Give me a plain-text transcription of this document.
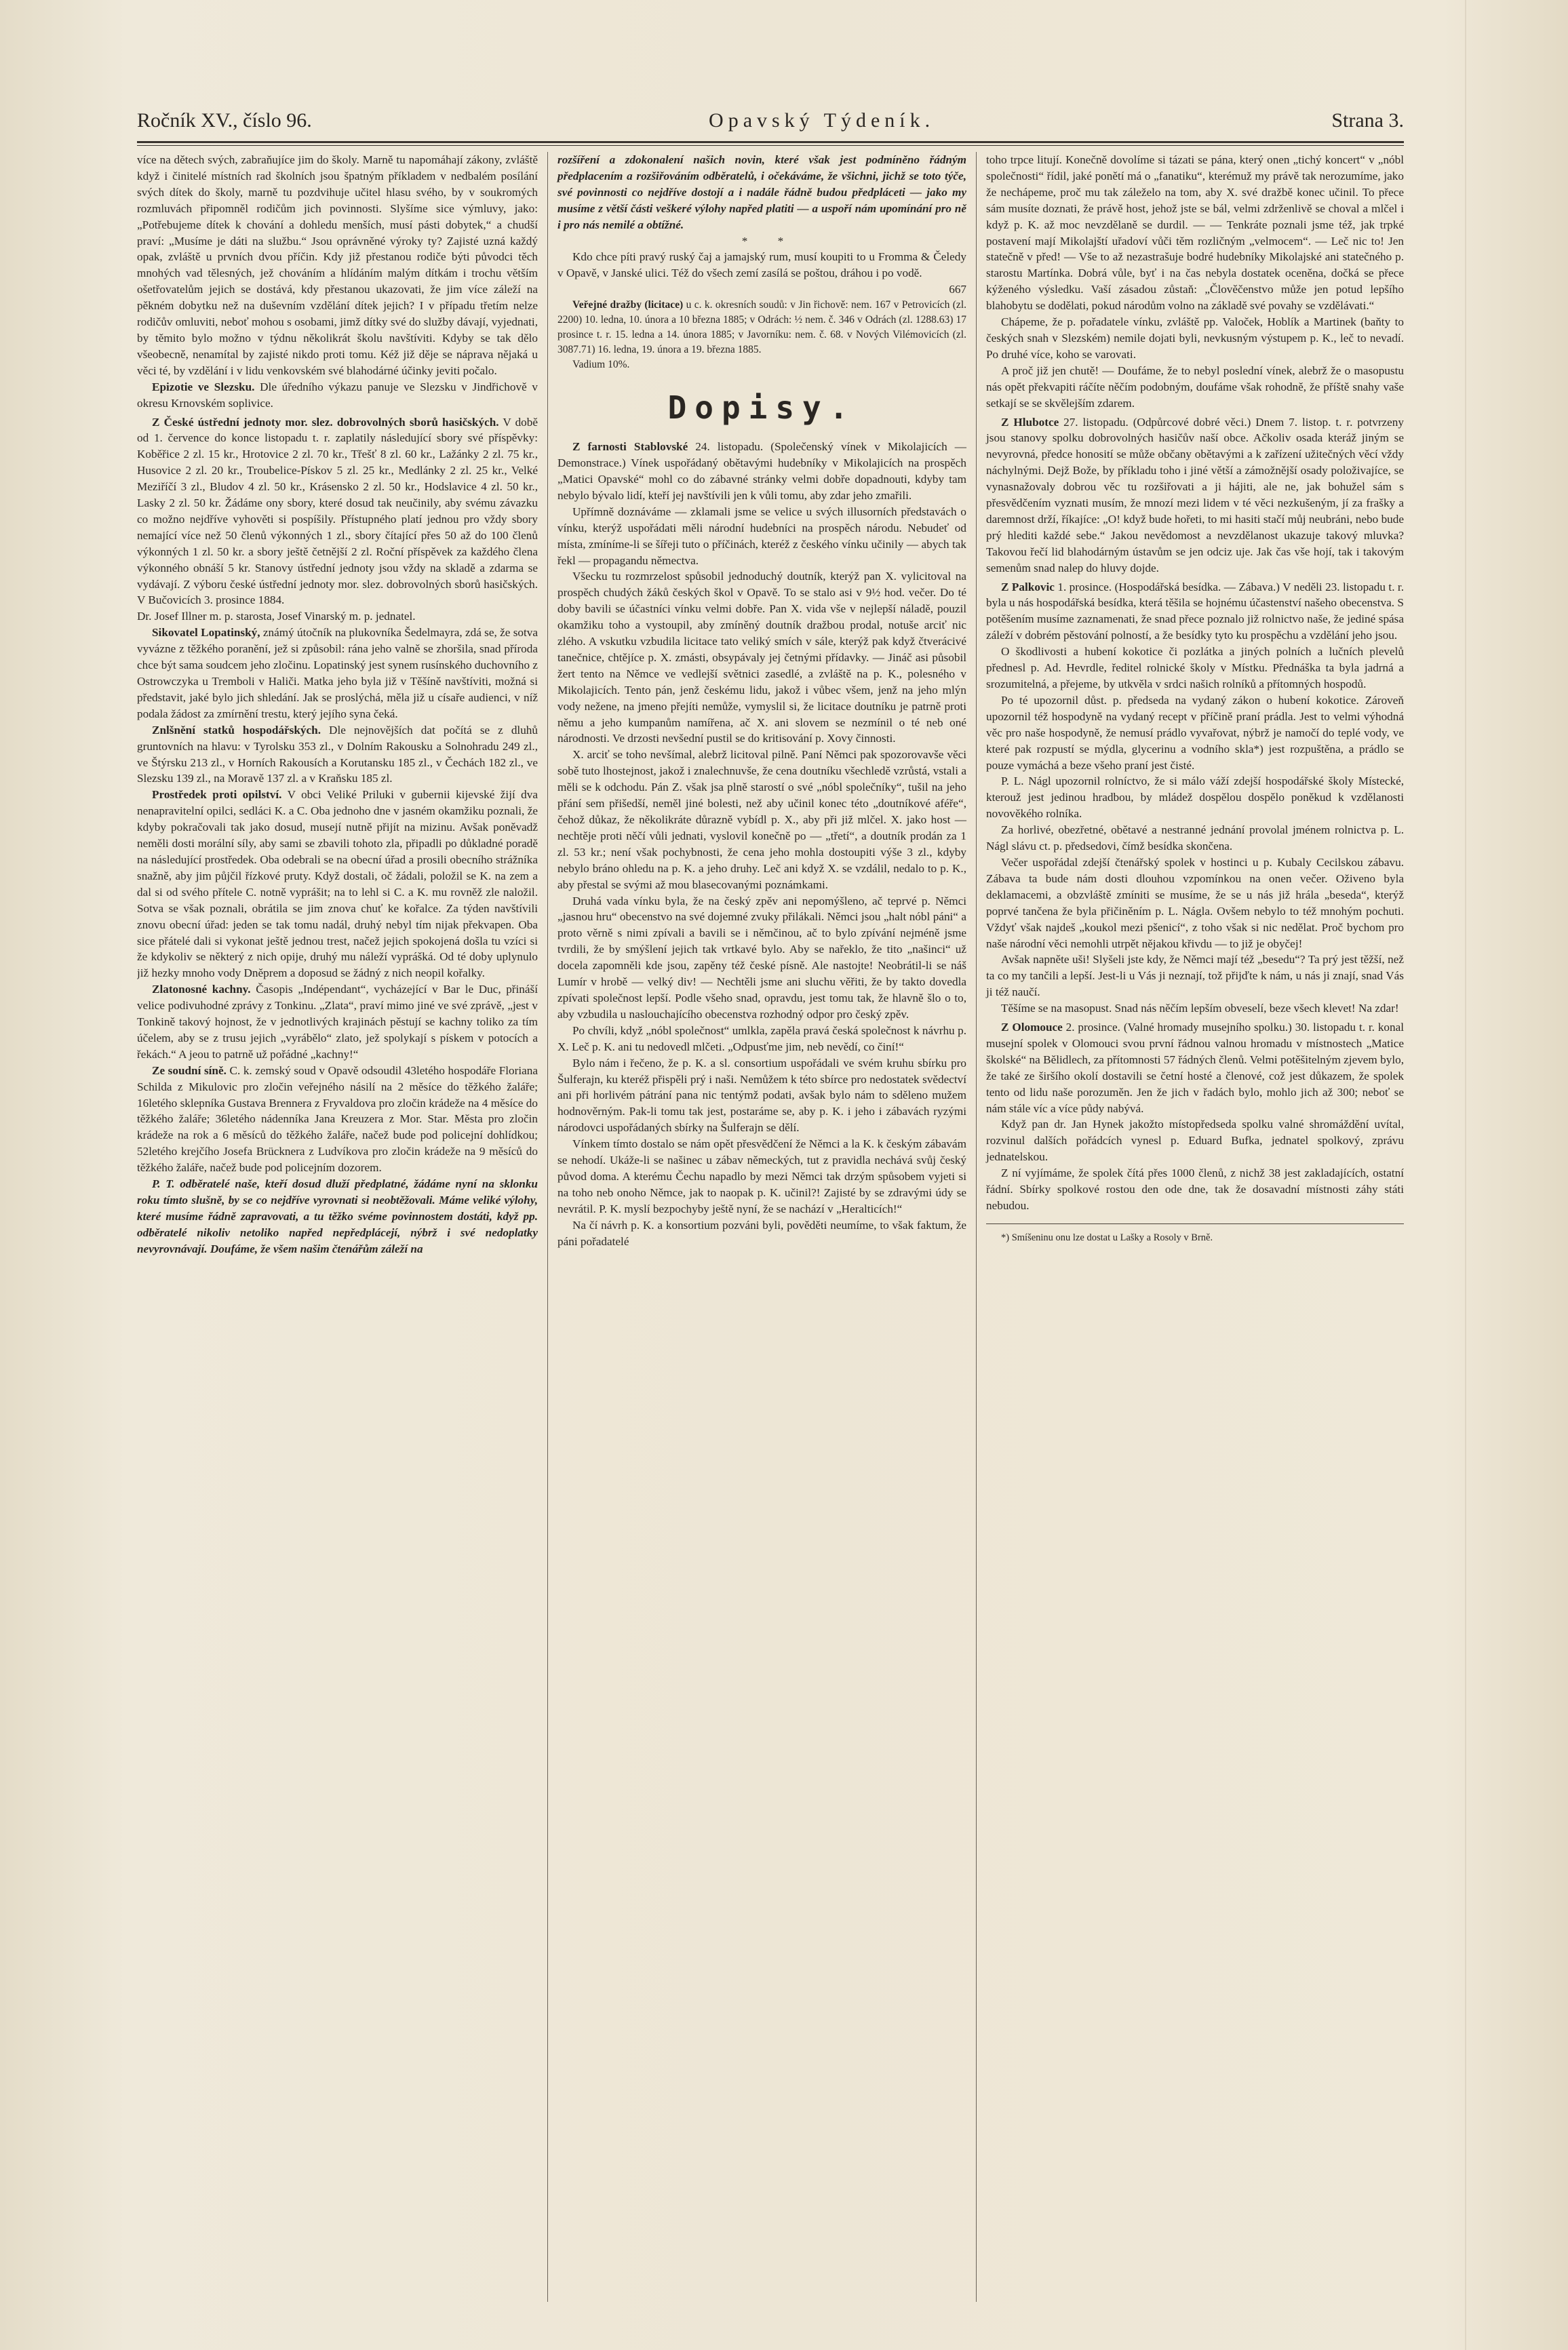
Ročník XV., číslo 96.	Opavský Týdeník.	Strana 3.

více na dětech svých, zabraňujíce jim do školy. Marně tu napomáhají zákony, zvláště když i činitelé místních rad školních jsou špatným příkladem v nedbalém posílání svých dítek do školy, marně tu pozdvihuje učitel hlasu svého, by v soukromých rozmluvách připomněl rodičům jich povinnosti. Slyšíme sice výmluvy, jako: „Potřebujeme dítek k chování a dohledu menších, musí pásti dobytek,“ a chudší praví: „Musíme je dáti na službu.“ Jsou oprávněné výroky ty? Zajisté uzná každý opak, zvláště u prvních dvou příčin. Kdy již přestanou rodiče býti původci těch mnohých vad tělesných, jež chováním a hlídáním malým dítkám i trochu větším ošetřovatelům jejich se dostává, kdy přestanou ukazovati, že jim více záleží na pěkném dobytku než na duševním vzdělání dítek jejich? I v případu třetím nelze rodičův omluviti, neboť mohou s osobami, jimž dítky své do služby dávají, vyjednati, by těmito bylo možno v týdnu několikrát školu navštíviti. Kdyby se tak dělo všeobecně, nenamítal by zajisté nikdo proti tomu. Kéž již děje se náprava nějaká u věci té, by vzdělání i v lidu venkovském své blahodárné účinky jeviti počalo.

Epizotie ve Slezsku. Dle úředního výkazu panuje ve Slezsku v Jindřichově v okresu Krnovském soplivice.

Z České ústřední jednoty mor. slez. dobrovolných sborů hasičských. V době od 1. července do konce listopadu t. r. zaplatily následující sbory své příspěvky: Koběřice 2 zl. 15 kr., Hrotovice 2 zl. 70 kr., Třešť 8 zl. 60 kr., Lažánky 2 zl. 75 kr., Husovice 2 zl. 20 kr., Troubelice-Pískov 5 zl. 25 kr., Medlánky 2 zl. 25 kr., Velké Meziříčí 3 zl., Bludov 4 zl. 50 kr., Krásensko 2 zl. 50 kr., Hodslavice 4 zl. 50 kr., Lasky 2 zl. 50 kr. Žádáme ony sbory, které dosud tak neučinily, aby svému závazku co možno nejdříve vyhověti si pospíšily. Přístupného platí jednou pro vždy sbory nemající více než 50 členů výkonných 1 zl., sbory čítající přes 50 až do 100 členů výkonných 1 zl. 50 kr. a sbory ještě četnější 2 zl. Roční příspěvek za každého člena výkonného obnáší 5 kr. Stanovy ústřední jednoty jsou vždy na skladě a zdarma se vydávají. Z výboru české ústřední jednoty mor. slez. dobrovolných sborů hasičských. V Bučovicích 3. prosince 1884.

Dr. Josef Illner m. p. starosta, Josef Vinarský m. p. jednatel.

Sikovatel Lopatinský, známý útočník na plukovníka Šedelmayra, zdá se, že sotva vyvázne z těžkého poranění, jež si způsobil: rána jeho valně se zhoršila, snad příroda chce být sama soudcem jeho zločinu. Lopatinský jest synem rusínského duchovního z Ostrowczyka u Tremboli v Haliči. Matka jeho byla již v Těšíně navštíviti, možná si představit, jaké bylo jich shledání. Jak se proslýchá, měla již u císaře audienci, v níž podala žádost za zmírnění trestu, který jejího syna čeká.

Znlšnění statků hospodářských. Dle nejnovějších dat počítá se z dluhů gruntovních na hlavu: v Tyrolsku 353 zl., v Dolním Rakousku a Solnohradu 249 zl., ve Štýrsku 213 zl., v Horních Rakousích a Korutansku 185 zl., v Čechách 182 zl., ve Slezsku 139 zl., na Moravě 137 zl. a v Kraňsku 185 zl.

Prostředek proti opilství. V obci Veliké Priluki v gubernii kijevské žijí dva nenapravitelní opilci, sedláci K. a C. Oba jednoho dne v jasném okamžiku poznali, že kdyby pokračovali tak jako dosud, musejí nutně přijít na mizinu. Avšak poněvadž neměli dosti morální síly, aby sami se zbavili tohoto zla, připadli po důkladné poradě na následující prostředek. Oba odebrali se na obecní úřad a prosili obecního strážníka snažně, aby jim půjčil řízkové pruty. Když dostali, oč žádali, položil se K. na zem a dal si od svého přítele C. notně vyprášit; na to lehl si C. a K. mu rovněž zle naložil. Sotva se však poznali, obrátila se jim znova chuť ke kořalce. Za týden navštívili znovu obecní úřad: jeden se tak tomu nadál, druhý nebyl tím nijak překvapen. Oba sice přátelé dali si vykonat ještě jednou trest, načež jejich spokojená došla tu vzíci si že kdykoliv se některý z nich opije, druhý mu náleží vyprášká. Od té doby uplynulo již hezky mnoho vody Dněprem a doposud se žádný z nich neopil kořalky.

Zlatonosné kachny. Časopis „Indépendant“, vycházející v Bar le Duc, přináší velice podivuhodné zprávy z Tonkinu. „Zlata“, praví mimo jiné ve své zprávě, „jest v Tonkině takový hojnost, že v jednotlivých krajinách pěstují se kachny toliko za tím účelem, aby se z trusu jejich „vyrábělo“ zlato, jež spolykají s pískem v potocích a řekách.“ A jeou to patrně už pořádné „kachny!“

Ze soudní síně. C. k. zemský soud v Opavě odsoudil 43letého hospodáře Floriana Schilda z Mikulovic pro zločin veřejného násilí na 2 měsíce do těžkého žaláře; 16letého sklepníka Gustava Brennera z Fryvaldova pro zločin krádeže na 4 měsíce do těžkého žaláře; 36letého nádenníka Jana Kreuzera z Mor. Star. Města pro zločin krádeže na rok a 6 měsíců do těžkého žaláře, načež bude pod policejní dohlídkou; 52letého krejčího Josefa Brücknera z Ludvíkova pro zločin krádeže na 9 měsíců do těžkého žaláře, načež bude pod policejním dozorem.

P. T. odběratelé naše, kteří dosud dluží předplatné, žádáme nyní na sklonku roku tímto slušně, by se co nejdříve vyrovnati si neobtěžovali. Máme veliké výlohy, které musíme řádně zapravovati, a tu těžko svéme povinnostem dostáti, když pp. odběratelé nikoliv netoliko napřed nepředplácejí, nýbrž i své nedoplatky nevyrovnávají. Doufáme, že všem našim čtenářům záleží na

rozšíření a zdokonalení našich novin, které však jest podmíněno řádným předplacením a rozšiřováním odběratelů, i očekáváme, že všichni, jichž se toto týče, své povinnosti co nejdříve dostojí a i nadále řádně budou předpláceti — jako my musíme z větší části veškeré výlohy napřed platiti — a uspoří nám upomínání pro ně i pro nás nemilé a obtížné.

* *

Kdo chce píti pravý ruský čaj a jamajský rum, musí koupiti to u Fromma & Čeledy v Opavě, v Janské ulici. Též do všech zemí zasílá se poštou, dráhou i po vodě.

667

Veřejné dražby (licitace) u c. k. okresních soudů: v Jin řichově: nem. 167 v Petrovicích (zl. 2200) 10. ledna, 10. února a 10 března 1885; v Odrách: ½ nem. č. 346 v Odrách (zl. 1288.63) 17 prosince t. r. 15. ledna a 14. února 1885; v Javorníku: nem. č. 68. v Nových Vilémovicích (zl. 3087.71) 16. ledna, 19. února a 19. března 1885.

Vadium 10%.

Dopisy.

Z farnosti Stablovské 24. listopadu. (Společenský vínek v Mikolajicích — Demonstrace.) Vínek uspořádaný obětavými hudebníky v Mikolajicích na prospěch „Matici Opavské“ mohl co do zábavné stránky velmi dobře dopadnouti, kdyby tam nebylo bývalo lidí, kteří jej navštívili jen k vůli tomu, aby zdar jeho zmařili.

Upřímně doznáváme — zklamali jsme se velice u svých illusorních představách o vínku, kterýž uspořádati měli národní hudebníci na prospěch národu. Nebudeť od místa, zmíníme-li se šířeji tuto o příčinách, kteréž z českého vínku učinily — abych tak řekl — propagandu němectva.

Všecku tu rozmrzelost spůsobil jednoduchý doutník, kterýž pan X. vylicitoval na prospěch chudých žáků českých škol v Opavě. To se stalo asi v 9½ hod. večer. Do té doby bavili se účastníci vínku velmi dobře. Pan X. vida vše v nejlepší náladě, pouzil okamžiku toho a vystoupil, aby zmíněný doutník dražbou prodal, notuše arciť nic zlého. A vskutku vzbudila licitace tato veliký smích v sále, kterýž pak když čtverácivé tanečnice, chtějíce p. X. zmásti, obsypávaly jej četnými přídavky. — Jináč asi působil žert tento na Němce ve vedlejší světnici zasedlé, a zvláště na p. K., polesného v Mikolajicích. Tento pán, jenž českému lidu, jakož i vůbec všem, jenž na jeho mlýn vody nežene, na jmeno přejíti nemůže, vymyslil si, že licitace doutníku je patrně proti němu a jeho kumpanům namířena, ač X. ani slovem se nezmínil o té neb oné národnosti. Ve drzosti nevšední pustil se do kritisování p. Xovy činnosti.

X. arciť se toho nevšímal, alebrž licitoval pilně. Paní Němci pak spozorovavše věci sobě tuto lhostejnost, jakož i znalechnuvše, že cena doutníku všechledě vzrůstá, vstali a měli se k odchodu. Pán Z. však jsa plně starostí o své „nóbl společníky“, tušil na jeho přání sem přišedší, neměl jiné bolesti, než aby učinil konec této „doutníkové aféře“, čehož důkaz, že několikráte důrazně vybídl p. X., aby při již mlčel. X. jako host — nechtěje proti něčí vůli jednati, vyslovil konečně po — „třetí“, a doutník prodán za 1 zl. 53 kr.; není však pochybnosti, že cena jeho mohla dostoupiti výše 3 zl., kdyby nebylo bráno ohledu na p. K. a jeho druhy. Leč ani když X. se vzdálil, nedalo to p. K., aby přestal se svými až mou blasecovanými poznámkami.

Druhá vada vínku byla, že na český zpěv ani nepomýšleno, ač teprvé p. Němci „jasnou hru“ obecenstvo na své dojemné zvuky přilákali. Němci jsou „halt nóbl páni“ a proto věrně s nimi zpívali a bavili se i němčinou, ač to bylo zpívání nejméně jsme tvrdili, že by smýšlení jejich tak vrtkavé bylo. Aby se nařeklo, že tito „našinci“ už docela zapomněli kde jsou, zapěny též české písně. Ale nastojte! Neobrátil-li se náš Lumír v hrobě — velký div! — Nechtěli jsme ani sluchu věřiti, že by takto dovedla zpívati společnost lepší. Podle všeho snad, opravdu, jest tomu tak, že hlavně šlo o to, aby vzbudila u naslouchajícího obecenstva rozhodný odpor pro český zpěv.

Po chvíli, když „nóbl společnost“ umlkla, zapěla pravá česká společnost k návrhu p. X. Leč p. K. ani tu nedovedl mlčeti. „Odpusťme jim, neb nevědí, co činí!“

Bylo nám i řečeno, že p. K. a sl. consortium uspořádali ve svém kruhu sbírku pro Šulferajn, ku kteréž přispěli prý i naši. Nemůžem k této sbírce pro nedostatek svědectví ani při horlivém pátrání pana nic tentýmž podati, avšak bylo nám to sděleno mužem hodnověrným. Pak-li tomu tak jest, postaráme se, aby p. K. i jeho i zábavách ryzými národovci uspořádaných sbírky na Šulferajn se dělí.

Vínkem tímto dostalo se nám opět přesvědčení že Němci a la K. k českým zábavám se nehodí. Ukáže-li se našinec u zábav německých, tut z pravidla nechává svůj český původ doma. A kterému Čechu napadlo by mezi Němci tak drzým spůsobem vyjeti si na toho neb onoho Němce, jak to naopak p. K. učinil?! Zajisté by se zdravými údy se nevrátil. P. K. myslí bezpochyby ještě nyní, že se nachází v „Heralticích!“

Na čí návrh p. K. a konsortium pozváni byli, pověděti neumíme, to však faktum, že páni pořadatelé

toho trpce litují. Konečně dovolíme si tázati se pána, který onen „tichý koncert“ v „nóbl společnosti“ řídil, jaké ponětí má o „fanatiku“, kterémuž my právě tak nerozumíme, jako že nechápeme, proč mu tak záleželo na tom, aby X. své dražbě konec učinil. To přece sám musíte doznati, že právě host, jehož jste se bál, velmi zdrženlivě se choval a mlčel i když p. K. až moc nevzdělaně se durdil. — — Tenkráte poznali jsme též, jak trpké postavení mají Mikolajští uřadoví vůči těm rozličným „velmocem“. — Leč nic to! Jen statečně v před! — Vše to až nezastrašuje bodré hudebníky Mikolajské ani statečného p. starostu Martínka. Dobrá vůle, byť i na čas nebyla dostatek oceněna, dočká se přece kýženého výsledku. Vaší zásadou zůstaň: „Člověčenstvo může jen potud lepšího blahobytu se dodělati, pokud národům volno na základě své povahy se vzdělávati.“

Chápeme, že p. pořadatele vínku, zvláště pp. Valoček, Hoblík a Martinek (baňty to českých snah v Slezském) nemile dojati byli, nevkusným výstupem p. K., leč to nevadí. Po druhé více, koho se varovati.

A proč již jen chutě! — Doufáme, že to nebyl poslední vínek, alebrž že o masopustu nás opět překvapiti ráčíte něčím podobným, doufáme však rohodně, že příště snahy vaše setkají se se skvělejším zdarem.

Z Hlubotce 27. listopadu. (Odpůrcové dobré věci.) Dnem 7. listop. t. r. potvrzeny jsou stanovy spolku dobrovolných hasičův naší obce. Ačkoliv osada kteráž jiným se nevyrovná, předce honosití se může občany obětavými a k zařízení užitečných věcí vždy náchylnými. Dejž Bože, by příkladu toho i jiné větší a zámožnější osady položivajíce, se vynasnažovaly dobrou věc tu rozšiřovati a ji hájiti, ale ne, jak bohužel sám s přesvědčením vyznati musím, že mnozí mezi lidem v té věci nezkušeným, jí za frašky a daremnost drží, říkajíce: „O! když bude hořeti, to mi hasiti stačí můj neubráni, nebo bude prý hlediti každé sebe.“ Jakou nevědomost a nevzdělanost ukazuje takový mluvka? Takovou řečí lid blahodárným ústavům se jen odciz uje. Jak čas vše hojí, tak i takovým semenům snad nalep do hluvy dojde.

Z Palkovic 1. prosince. (Hospodářská besídka. — Zábava.) V neděli 23. listopadu t. r. byla u nás hospodářská besídka, která těšila se hojnému účastenství našeho obecenstva. S potěšením musíme zaznamenati, že snad přece poznalo již rolnictvo naše, že jediné spása záleží v dobrém pěstování polností, a že besídky tyto ku prospěchu a vzdělání jeho jsou.

O škodlivosti a hubení kokotice či pozlátka a jiných polních a lučních plevelů přednesl p. Ad. Hevrdle, ředitel rolnické školy v Místku. Přednáška ta byla jadrná a srozumitelná, a přejeme, by utkvěla v srdci našich rolníků a přítomných hospodů.

Po té upozornil důst. p. předseda na vydaný zákon o hubení kokotice. Zároveň upozornil též hospodyně na vydaný recept v příčině praní prádla. Jest to velmi výhodná věc pro naše hospodyně, že nemusí prádlo vyvařovat, nýbrž je namočí do teplé vody, ve které pak rozpustí se mýdla, glycerinu a vodního skla*) jest rozpuštěna, a prádlo se pouze vymáchá a beze všeho praní jest čisté.

P. L. Nágl upozornil rolníctvo, že si málo váží zdejší hospodářské školy Místecké, kterouž jest jedinou hradbou, by mládež dospělou dospělo poněkud k vzdělanosti novověkého rolníka.

Za horlivé, obezřetné, obětavé a nestranné jednání provolal jménem rolnictva p. L. Nágl slávu ct. p. předsedovi, čímž besídka skončena.

Večer uspořádal zdejší čtenářský spolek v hostinci u p. Kubaly Cecilskou zábavu. Zábava ta bude nám dosti dlouhou vzpomínkou na onen večer. Oživeno byla deklamacemi, a obzvláště zmíniti se musíme, že se u nás již hrála „beseda“, kterýž poprvé tančena že byla přičiněním p. L. Nágla. Ovšem nebylo to též mnohým pochuti. Vždyť však najdeš „koukol mezi pšenicí“, z toho však si nic nedělat. Proč bychom pro naše národní věci nemohli utrpět nějakou křivdu — to již je obyčej!

Avšak napněte uši! Slyšeli jste kdy, že Němci mají též „besedu“? Ta prý jest těžší, než ta co my tančili a lepší. Jest-li u Vás ji neznají, tož přijďte k nám, u nás ji znají, snad Vás ji též naučí.

Těšíme se na masopust. Snad nás něčím lepším obveselí, beze všech klevet! Na zdar!

Z Olomouce 2. prosince. (Valné hromady musejního spolku.) 30. listopadu t. r. konal musejní spolek v Olomouci svou první řádnou valnou hromadu v místnostech „Matice školské“ na Bělidlech, za přítomnosti 57 řádných členů. Velmi potěšitelným zjevem bylo, že také ze širšího okolí dostavili se četní hosté a členové, což jest důkazem, že spolek tento od lidu naše porozuměn. Jen že jich v řadách bylo, mohlo jich až 300; neboť se nám stále víc a více půdy nabývá.

Když pan dr. Jan Hynek jakožto místopředseda spolku valné shromáždění uvítal, rozvinul dalších pořádcích vynesl p. Eduard Bufka, jednatel spolkový, zprávu jednatelskou.

Z ní vyjímáme, že spolek čítá přes 1000 členů, z nichž 38 jest zakladajících, ostatní řádní. Sbírky spolkové rostou den ode dne, tak že dosavadní místnosti záhy státi nebudou.

*) Smíšeninu onu lze dostat u Lašky a Rosoly v Brně.
